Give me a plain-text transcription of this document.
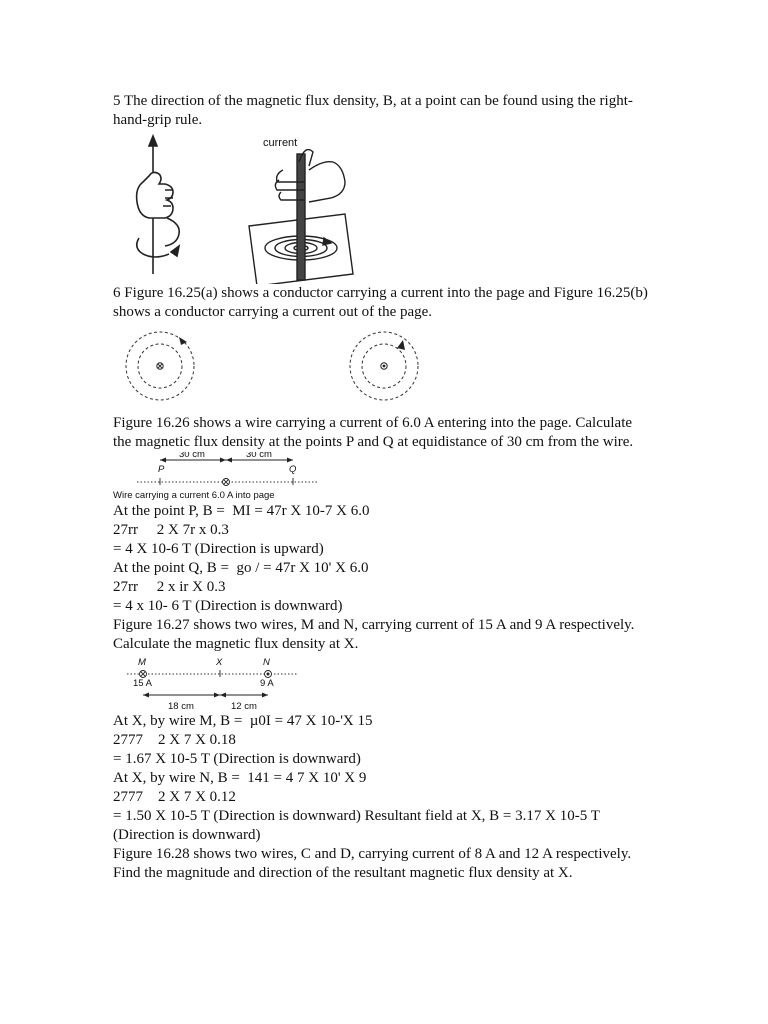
5 The direction of the magnetic flux density, B, at a point can be found using the right-

hand-grip rule.

current

6 Figure 16.25(a) shows a conductor carrying a current into the page and Figure 16.25(b)

shows a conductor carrying a current out of the page.

Figure 16.26 shows a wire carrying a current of 6.0 A entering into the page. Calculate

the magnetic flux density at the points P and Q at equidistance of 30 cm from the wire.

30 cm	30 cm
P	Q
Wire carrying a current 6.0 A into page

At the point P, B =  MI = 47r X 10-7 X 6.0

27rr     2 X 7r x 0.3

= 4 X 10-6 T (Direction is upward)

At the point Q, B =  go / = 47r X 10' X 6.0

27rr     2 x ir X 0.3

= 4 x 10- 6 T (Direction is downward)

Figure 16.27 shows two wires, M and N, carrying current of 15 A and 9 A respectively.

Calculate the magnetic flux density at X.

M	X	N
15 A	9 A
18 cm	12 cm

At X, by wire M, B =  µ0I = 47 X 10-'X 15

2777    2 X 7 X 0.18

= 1.67 X 10-5 T (Direction is downward)

At X, by wire N, B =  141 = 4 7 X 10' X 9

2777    2 X 7 X 0.12

= 1.50 X 10-5 T (Direction is downward) Resultant field at X, B = 3.17 X 10-5 T

(Direction is downward)

Figure 16.28 shows two wires, C and D, carrying current of 8 A and 12 A respectively.

Find the magnitude and direction of the resultant magnetic flux density at X.
